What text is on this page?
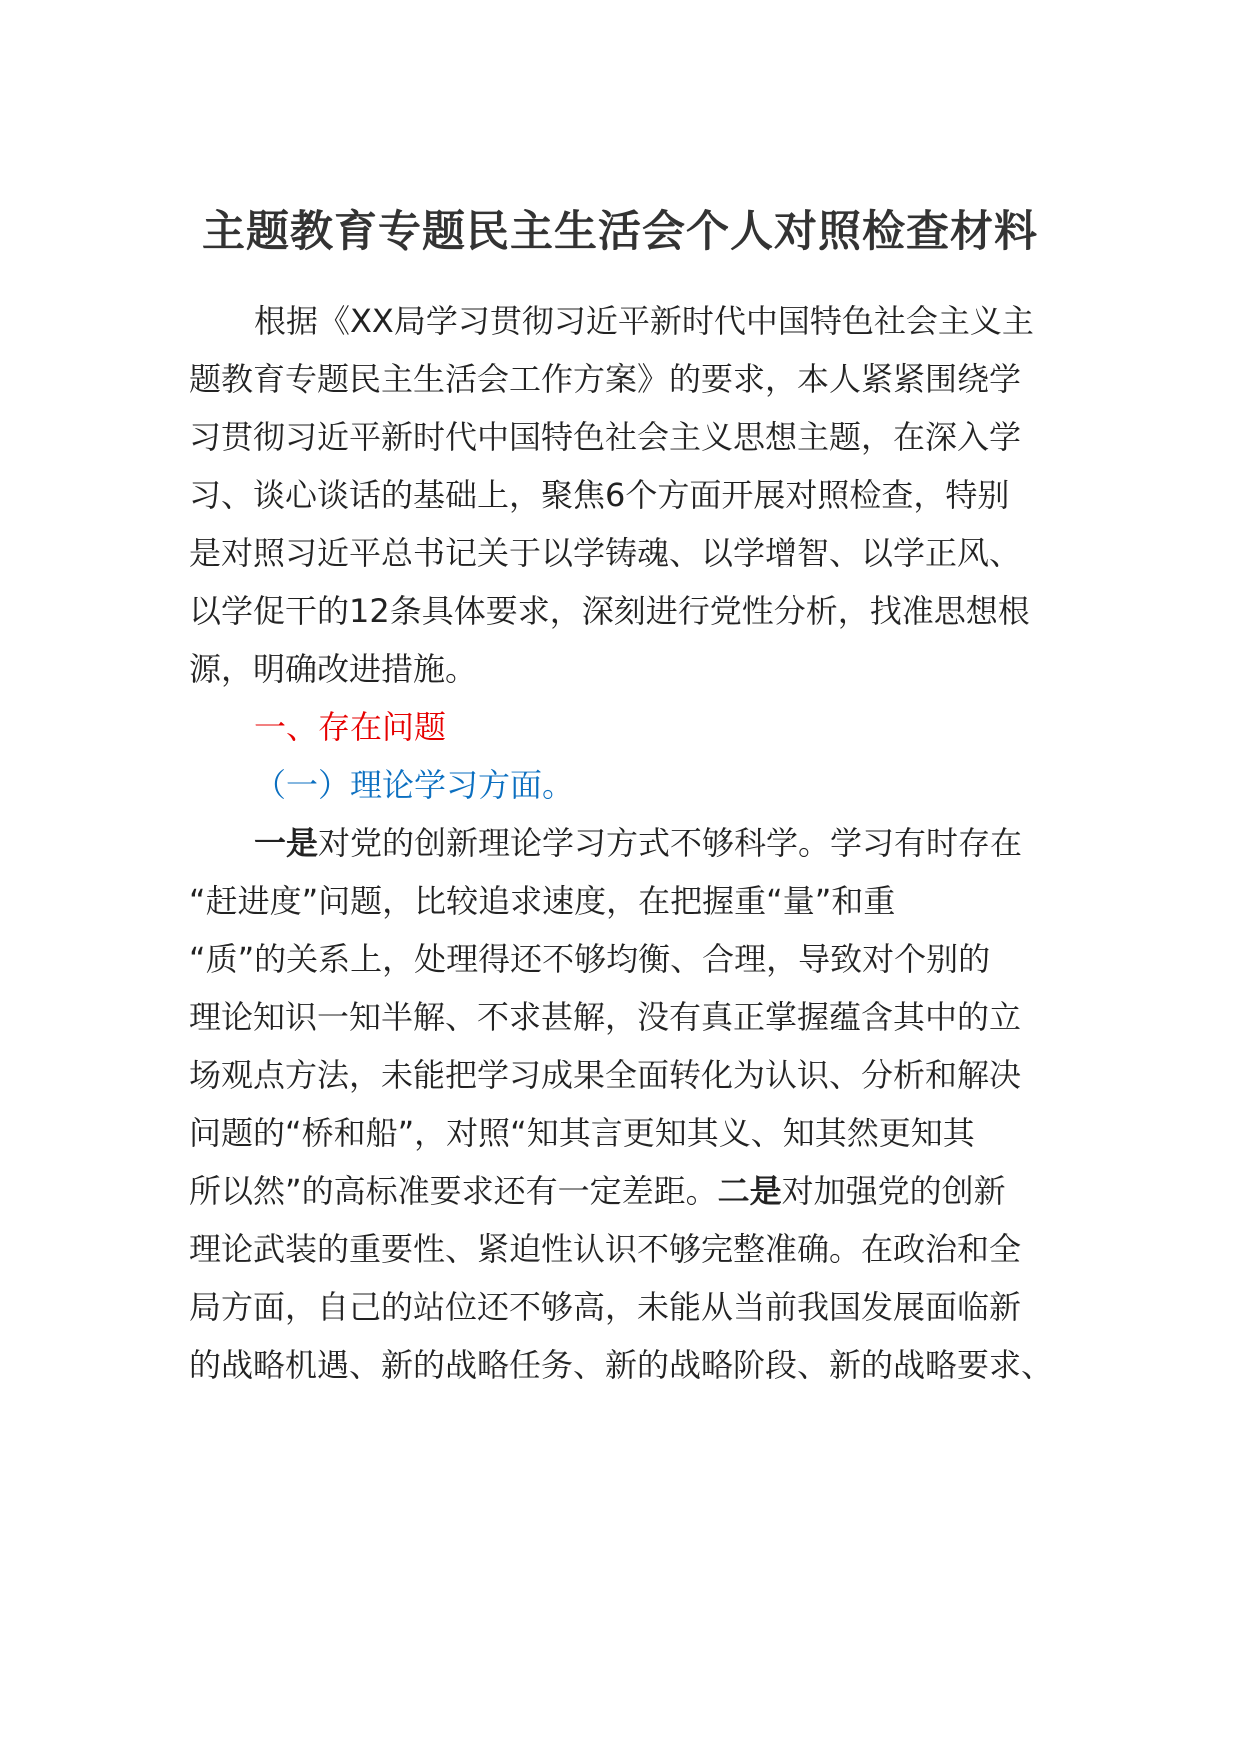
主题教育专题民主生活会个人对照检查材料
根据《XX局学习贯彻习近平新时代中国特色社会主义主
题教育专题民主生活会工作方案》的要求，本人紧紧围绕学
习贯彻习近平新时代中国特色社会主义思想主题，在深入学
习、谈心谈话的基础上，聚焦6个方面开展对照检查，特别
是对照习近平总书记关于以学铸魂、以学增智、以学正风、
以学促干的12条具体要求，深刻进行党性分析，找准思想根
源，明确改进措施。
一、存在问题
（一）理论学习方面。
一是对党的创新理论学习方式不够科学。学习有时存在
“赶进度”问题，比较追求速度，在把握重“量”和重
“质”的关系上，处理得还不够均衡、合理，导致对个别的
理论知识一知半解、不求甚解，没有真正掌握蕴含其中的立
场观点方法，未能把学习成果全面转化为认识、分析和解决
问题的“桥和船”，对照“知其言更知其义、知其然更知其
所以然”的高标准要求还有一定差距。二是对加强党的创新
理论武装的重要性、紧迫性认识不够完整准确。在政治和全
局方面，自己的站位还不够高，未能从当前我国发展面临新
的战略机遇、新的战略任务、新的战略阶段、新的战略要求、
